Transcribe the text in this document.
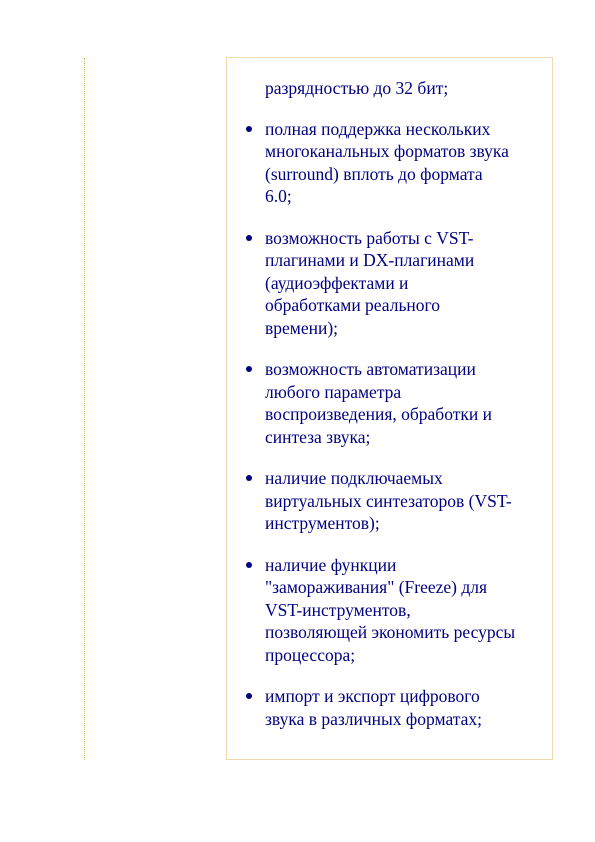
разрядностью до 32 бит;
полная поддержка нескольких
многоканальных форматов звука
(surround) вплоть до формата
6.0;
возможность работы с VST-
плагинами и DX-плагинами
(аудиоэффектами и
обработками реального
времени);
возможность автоматизации
любого параметра
воспроизведения, обработки и
синтеза звука;
наличие подключаемых
виртуальных синтезаторов (VST-
инструментов);
наличие функции
"замораживания" (Freeze) для
VST-инструментов,
позволяющей экономить ресурсы
процессора;
импорт и экспорт цифрового
звука в различных форматах;
